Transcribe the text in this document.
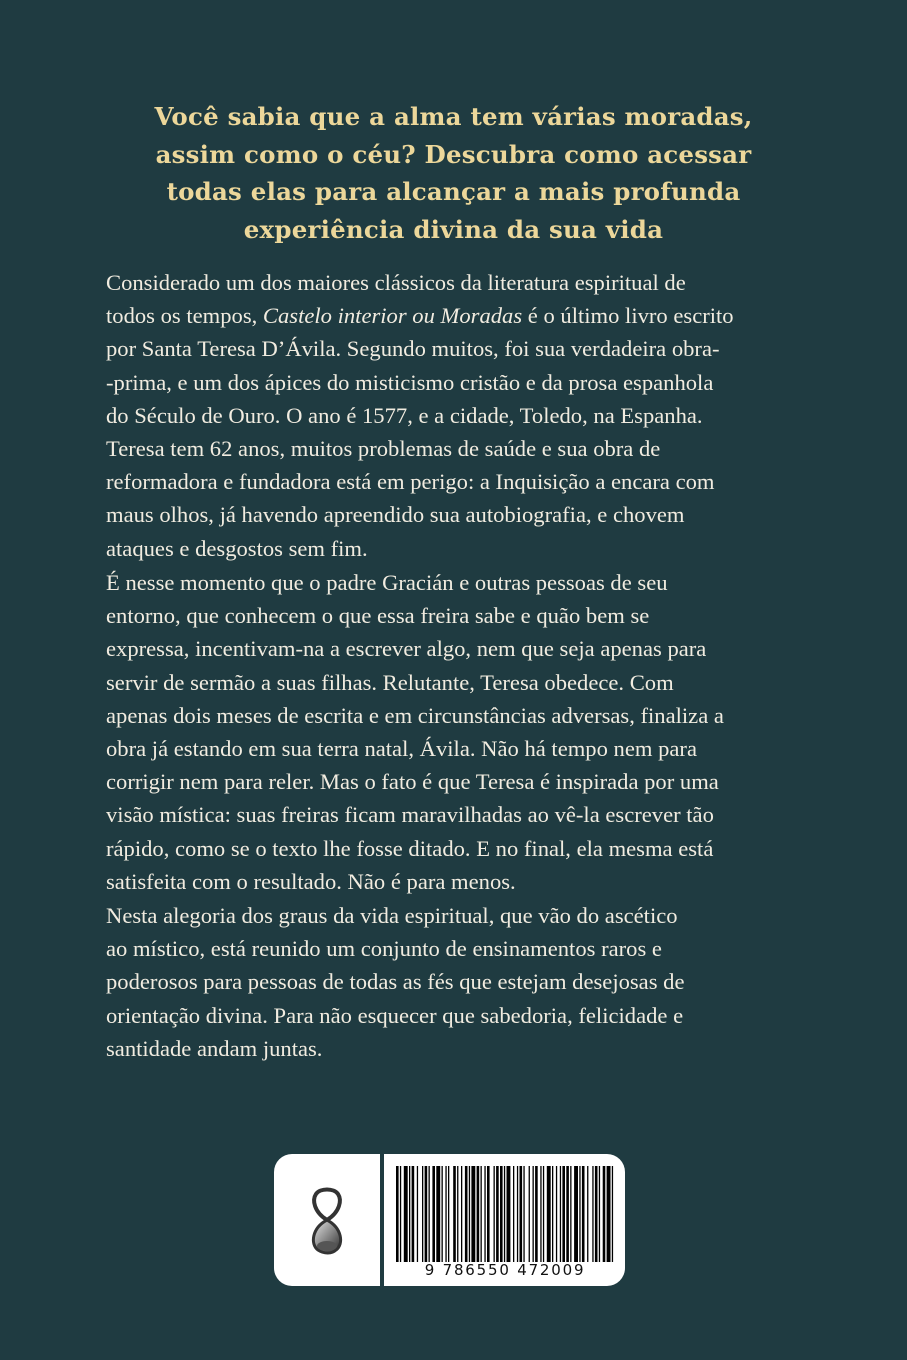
Você sabia que a alma tem várias moradas,
assim como o céu? Descubra como acessar
todas elas para alcançar a mais profunda
experiência divina da sua vida
Considerado um dos maiores clássicos da literatura espiritual de
todos os tempos, Castelo interior ou Moradas é o último livro escrito
por Santa Teresa D’Ávila. Segundo muitos, foi sua verdadeira obra-
-prima, e um dos ápices do misticismo cristão e da prosa espanhola
do Século de Ouro. O ano é 1577, e a cidade, Toledo, na Espanha.
Teresa tem 62 anos, muitos problemas de saúde e sua obra de
reformadora e fundadora está em perigo: a Inquisição a encara com
maus olhos, já havendo apreendido sua autobiografia, e chovem
ataques e desgostos sem fim.
É nesse momento que o padre Gracián e outras pessoas de seu
entorno, que conhecem o que essa freira sabe e quão bem se
expressa, incentivam-na a escrever algo, nem que seja apenas para
servir de sermão a suas filhas. Relutante, Teresa obedece. Com
apenas dois meses de escrita e em circunstâncias adversas, finaliza a
obra já estando em sua terra natal, Ávila. Não há tempo nem para
corrigir nem para reler. Mas o fato é que Teresa é inspirada por uma
visão mística: suas freiras ficam maravilhadas ao vê-la escrever tão
rápido, como se o texto lhe fosse ditado. E no final, ela mesma está
satisfeita com o resultado. Não é para menos.
Nesta alegoria dos graus da vida espiritual, que vão do ascético
ao místico, está reunido um conjunto de ensinamentos raros e
poderosos para pessoas de todas as fés que estejam desejosas de
orientação divina. Para não esquecer que sabedoria, felicidade e
santidade andam juntas.
9 786550 472009
